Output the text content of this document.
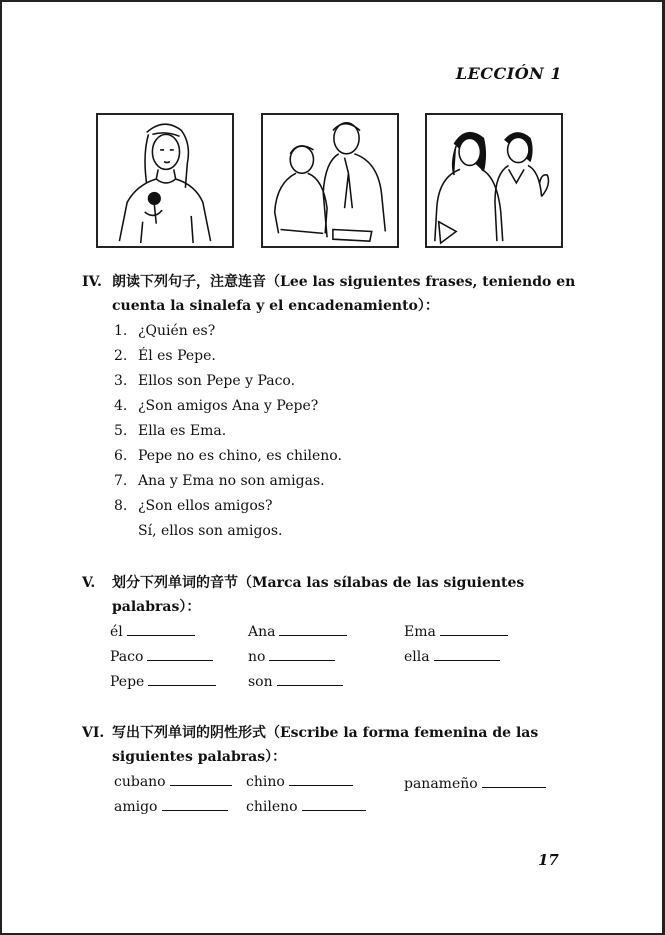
LECCIÓN 1
IV. 朗读下列句子，注意连音（Lee las siguientes frases, teniendo en
cuenta la sinalefa y el encadenamiento）：
1. ¿Quién es?
2. Él es Pepe.
3. Ellos son Pepe y Paco.
4. ¿Son amigos Ana y Pepe?
5. Ella es Ema.
6. Pepe no es chino, es chileno.
7. Ana y Ema no son amigas.
8. ¿Son ellos amigos?
Sí, ellos son amigos.
V. 划分下列单词的音节（Marca las sílabas de las siguientes
palabras）：
él	Ana	Ema
Paco	no	ella
Pepe	son
VI. 写出下列单词的阴性形式（Escribe la forma femenina de las
siguientes palabras）：
cubano	chino	panameño
amigo	chileno
17
